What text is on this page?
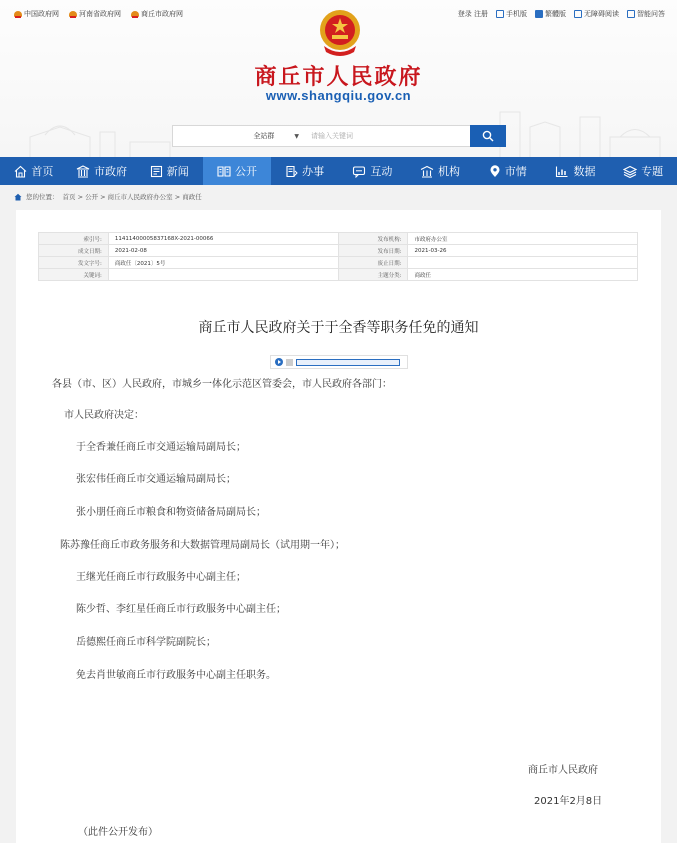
商丘市人民政府
www.shangqiu.gov.cn
全站群	▼
请输入关键词
中国政府网	河南省政府网	商丘市政府网	登录 注册	手机版	繁體版	无障碍阅读	智能问答
首页	市政府	新闻	公开	办事	互动	机构	市情	数据	专题
您的位置： 首页 > 公开 > 商丘市人民政府办公室 > 商政任
索引号:	11411400005837168X-2021-00066	发布机构:	市政府办公室
成文日期:	2021-02-08	发布日期:	2021-03-26
发文字号:	商政任〔2021〕5号	废止日期:	
关键词:		主题分类:	商政任
商丘市人民政府关于于全香等职务任免的通知

各县（市、区）人民政府，市城乡一体化示范区管委会，市人民政府各部门：

市人民政府决定：

于全香兼任商丘市交通运输局副局长；

张宏伟任商丘市交通运输局副局长；

张小朋任商丘市粮食和物资储备局副局长；

陈苏豫任商丘市政务服务和大数据管理局副局长（试用期一年）；

王继光任商丘市行政服务中心副主任；

陈少哲、李红星任商丘市行政服务中心副主任；

岳德熙任商丘市科学院副院长；

免去肖世敏商丘市行政服务中心副主任职务。

商丘市人民政府

2021年2月8日

（此件公开发布）
